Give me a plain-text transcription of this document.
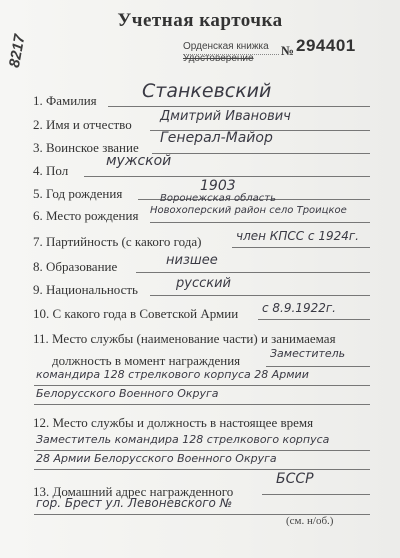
8217
Учетная карточка
Орденская книжка
Удостоверение
№ 294401
1. Фамилия Станкевский
2. Имя и отчество
Дмитрий Иванович
3. Воинское звание
Генерал-Майор
4. Пол
мужской
5. Год рождения	1903
6. Место рождения
Воронежская область
Новохоперский район село Троицкое
7. Партийность (с какого года)	член КПСС с 1924г.
8. Образование	низшее
9. Национальность	русский
10. С какого года в Советской Армии с 8.9.1922г.
11. Место службы (наименование части) и занимаемая
должность в момент награждения	Заместитель
командира 128 стрелкового корпуса 28 Армии
Белорусского Военного Округа
12. Место службы и должность в настоящее время
Заместитель командира 128 стрелкового корпуса
28 Армии Белорусского Военного Округа
13. Домашний адрес награжденного
БССР
гор. Брест ул. Левоневского №
(см. н/об.)
